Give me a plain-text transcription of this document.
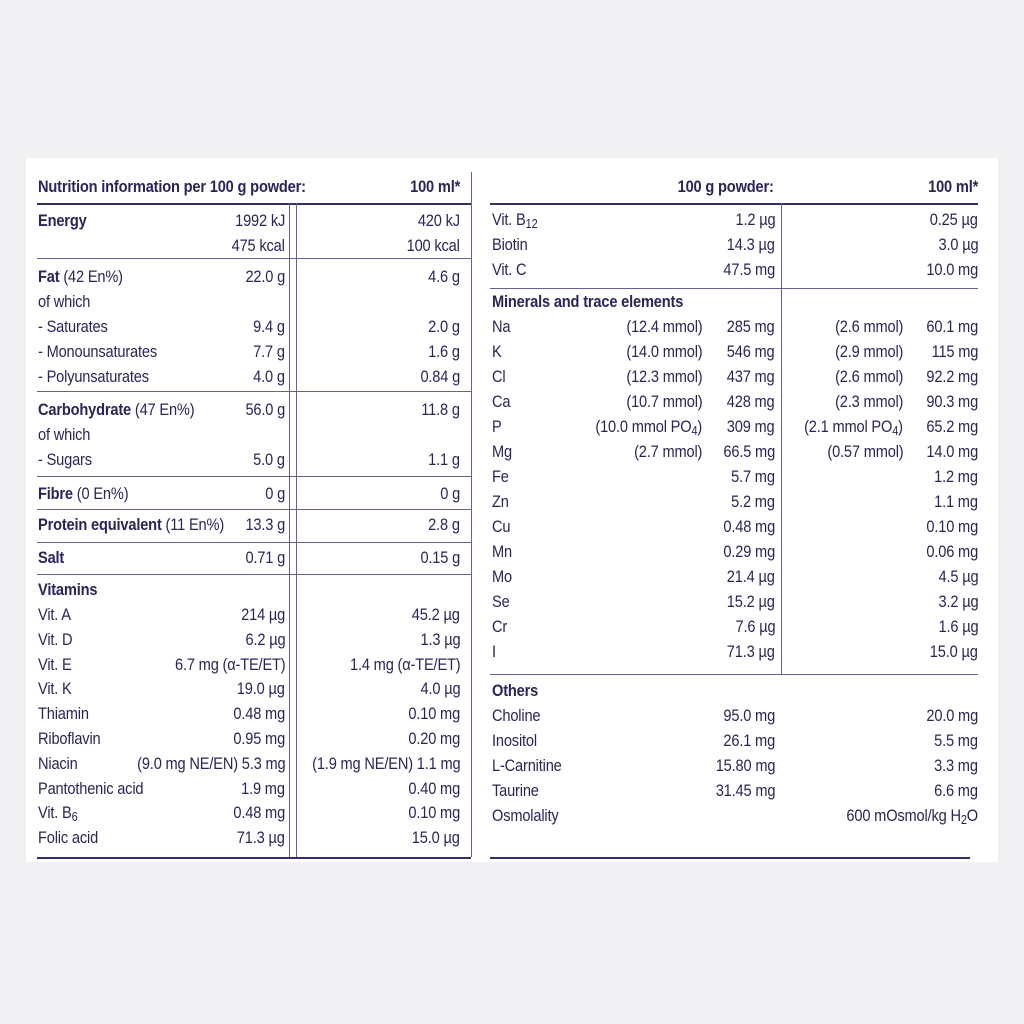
Nutrition information per 100 g powder:	100 ml*	100 g powder:	100 ml*
Energy	1992 kJ	420 kJ
475 kcal	100 kcal
Fat (42 En%)	22.0 g	4.6 g
of which
- Saturates	9.4 g	2.0 g
- Monounsaturates	7.7 g	1.6 g
- Polyunsaturates	4.0 g	0.84 g
Carbohydrate (47 En%)	56.0 g	11.8 g
of which
- Sugars	5.0 g	1.1 g
Fibre (0 En%)	0 g	0 g
Protein equivalent (11 En%) 13.3 g	2.8 g
Salt	0.71 g	0.15 g
Vitamins
Vit. A	214 µg	45.2 µg
Vit. D	6.2 µg	1.3 µg
Vit. E	6.7 mg (α-TE/ET)	1.4 mg (α-TE/ET)
Vit. K	19.0 µg	4.0 µg
Thiamin	0.48 mg	0.10 mg
Riboflavin	0.95 mg	0.20 mg
Niacin	(9.0 mg NE/EN) 5.3 mg (1.9 mg NE/EN) 1.1 mg
Pantothenic acid	1.9 mg	0.40 mg
Vit. $B_6$	0.48 mg	0.10 mg
Folic acid	71.3 µg	15.0 µg
Vit. $B_{12}$	1.2 µg	0.25 µg
Biotin	14.3 µg	3.0 µg
Vit. C	47.5 mg	10.0 mg
Minerals and trace elements
Na	(12.4 mmol) 285 mg	(2.6 mmol) 60.1 mg
K	(14.0 mmol) 546 mg	(2.9 mmol) 115 mg
Cl	(12.3 mmol) 437 mg	(2.6 mmol) 92.2 mg
Ca	(10.7 mmol) 428 mg	(2.3 mmol) 90.3 mg
P	(10.0 mmol $PO_4$) 309 mg (2.1 mmol $PO_4$) 65.2 mg
Mg	(2.7 mmol) 66.5 mg	(0.57 mmol) 14.0 mg
Fe	5.7 mg	1.2 mg
Zn	5.2 mg	1.1 mg
Cu	0.48 mg	0.10 mg
Mn	0.29 mg	0.06 mg
Mo	21.4 µg	4.5 µg
Se	15.2 µg	3.2 µg
Cr	7.6 µg	1.6 µg
I	71.3 µg	15.0 µg
Others
Choline	95.0 mg	20.0 mg
Inositol	26.1 mg	5.5 mg
L-Carnitine	15.80 mg	3.3 mg
Taurine	31.45 mg	6.6 mg
Osmolality	600 mOsmol/kg $H_2O$
